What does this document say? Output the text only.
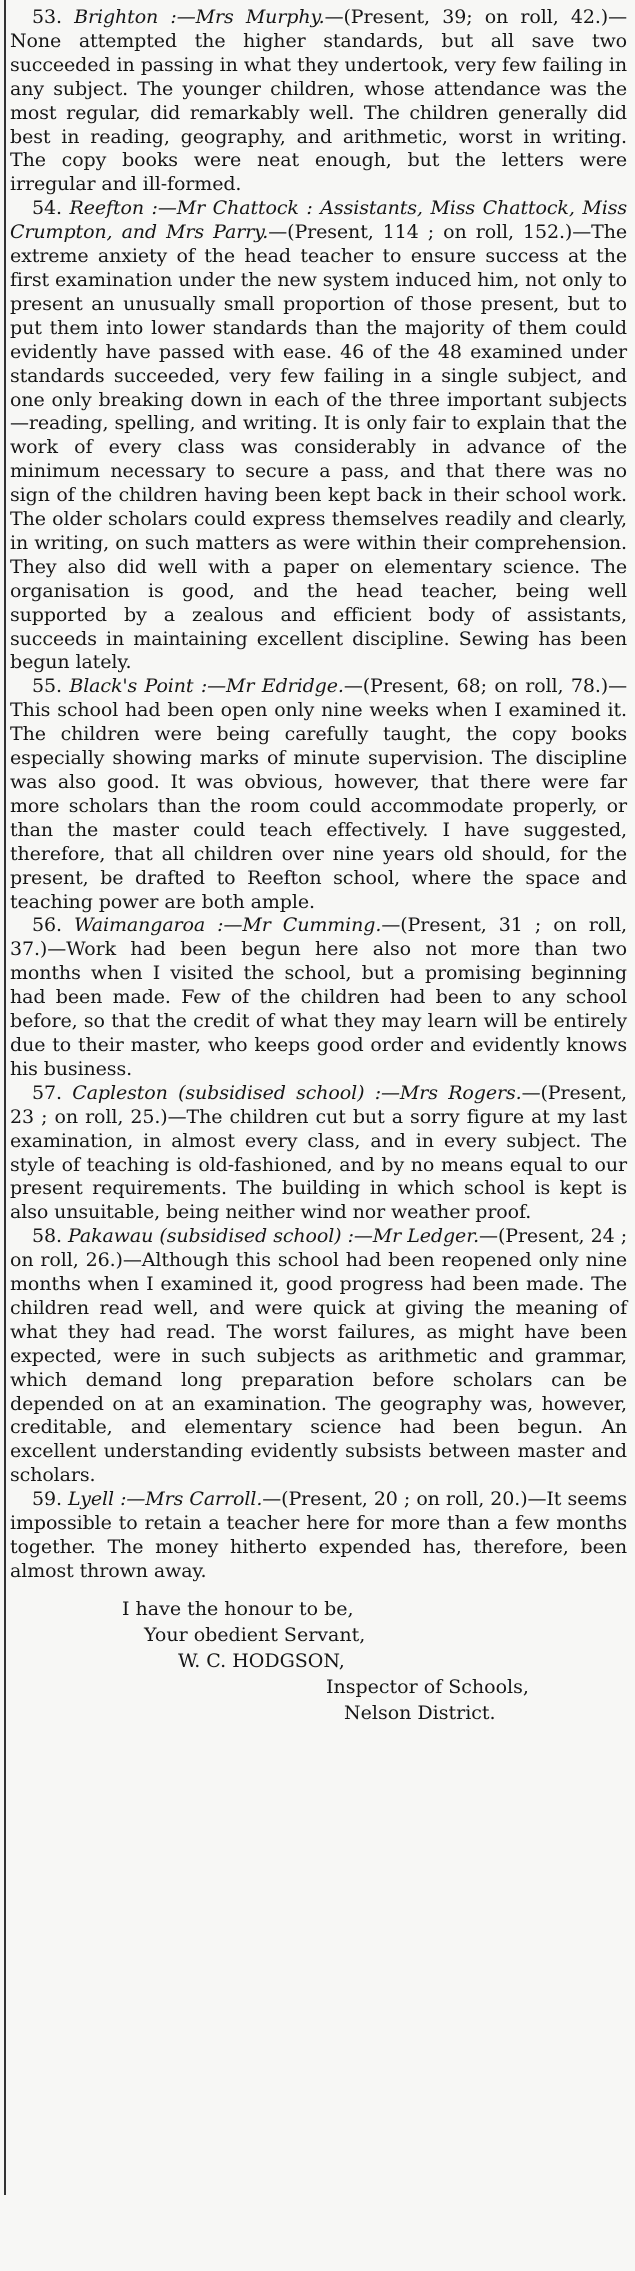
53. Brighton :—Mrs Murphy.—(Present, 39; on roll, 42.)—None attempted the higher standards, but all save two succeeded in passing in what they undertook, very few failing in any subject. The younger children, whose attendance was the most regular, did remarkably well. The children generally did best in reading, geography, and arithmetic, worst in writing. The copy books were neat enough, but the letters were irregular and ill-formed.

54. Reefton :—Mr Chattock : Assistants, Miss Chattock, Miss Crumpton, and Mrs Parry.—(Present, 114 ; on roll, 152.)—The extreme anxiety of the head teacher to ensure success at the first examination under the new system induced him, not only to present an unusually small proportion of those present, but to put them into lower standards than the majority of them could evidently have passed with ease. 46 of the 48 examined under standards succeeded, very few failing in a single subject, and one only breaking down in each of the three important subjects—reading, spelling, and writing. It is only fair to explain that the work of every class was considerably in advance of the minimum necessary to secure a pass, and that there was no sign of the children having been kept back in their school work. The older scholars could express themselves readily and clearly, in writing, on such matters as were within their comprehension. They also did well with a paper on elementary science. The organisation is good, and the head teacher, being well supported by a zealous and efficient body of assistants, succeeds in maintaining excellent discipline. Sewing has been begun lately.

55. Black's Point :—Mr Edridge.—(Present, 68; on roll, 78.)—This school had been open only nine weeks when I examined it. The children were being carefully taught, the copy books especially showing marks of minute supervision. The discipline was also good. It was obvious, however, that there were far more scholars than the room could accommodate properly, or than the master could teach effectively. I have suggested, therefore, that all children over nine years old should, for the present, be drafted to Reefton school, where the space and teaching power are both ample.

56. Waimangaroa :—Mr Cumming.—(Present, 31 ; on roll, 37.)—Work had been begun here also not more than two months when I visited the school, but a promising beginning had been made. Few of the children had been to any school before, so that the credit of what they may learn will be entirely due to their master, who keeps good order and evidently knows his business.

57. Capleston (subsidised school) :—Mrs Rogers.—(Present, 23 ; on roll, 25.)—The children cut but a sorry figure at my last examination, in almost every class, and in every subject. The style of teaching is old-fashioned, and by no means equal to our present requirements. The building in which school is kept is also unsuitable, being neither wind nor weather proof.

58. Pakawau (subsidised school) :—Mr Ledger.—(Present, 24 ; on roll, 26.)—Although this school had been reopened only nine months when I examined it, good progress had been made. The children read well, and were quick at giving the meaning of what they had read. The worst failures, as might have been expected, were in such subjects as arithmetic and grammar, which demand long preparation before scholars can be depended on at an examination. The geography was, however, creditable, and elementary science had been begun. An excellent understanding evidently subsists between master and scholars.

59. Lyell :—Mrs Carroll.—(Present, 20 ; on roll, 20.)—It seems impossible to retain a teacher here for more than a few months together. The money hitherto expended has, therefore, been almost thrown away.

I have the honour to be,
Your obedient Servant,
W. C. HODGSON,
Inspector of Schools,
Nelson District.
